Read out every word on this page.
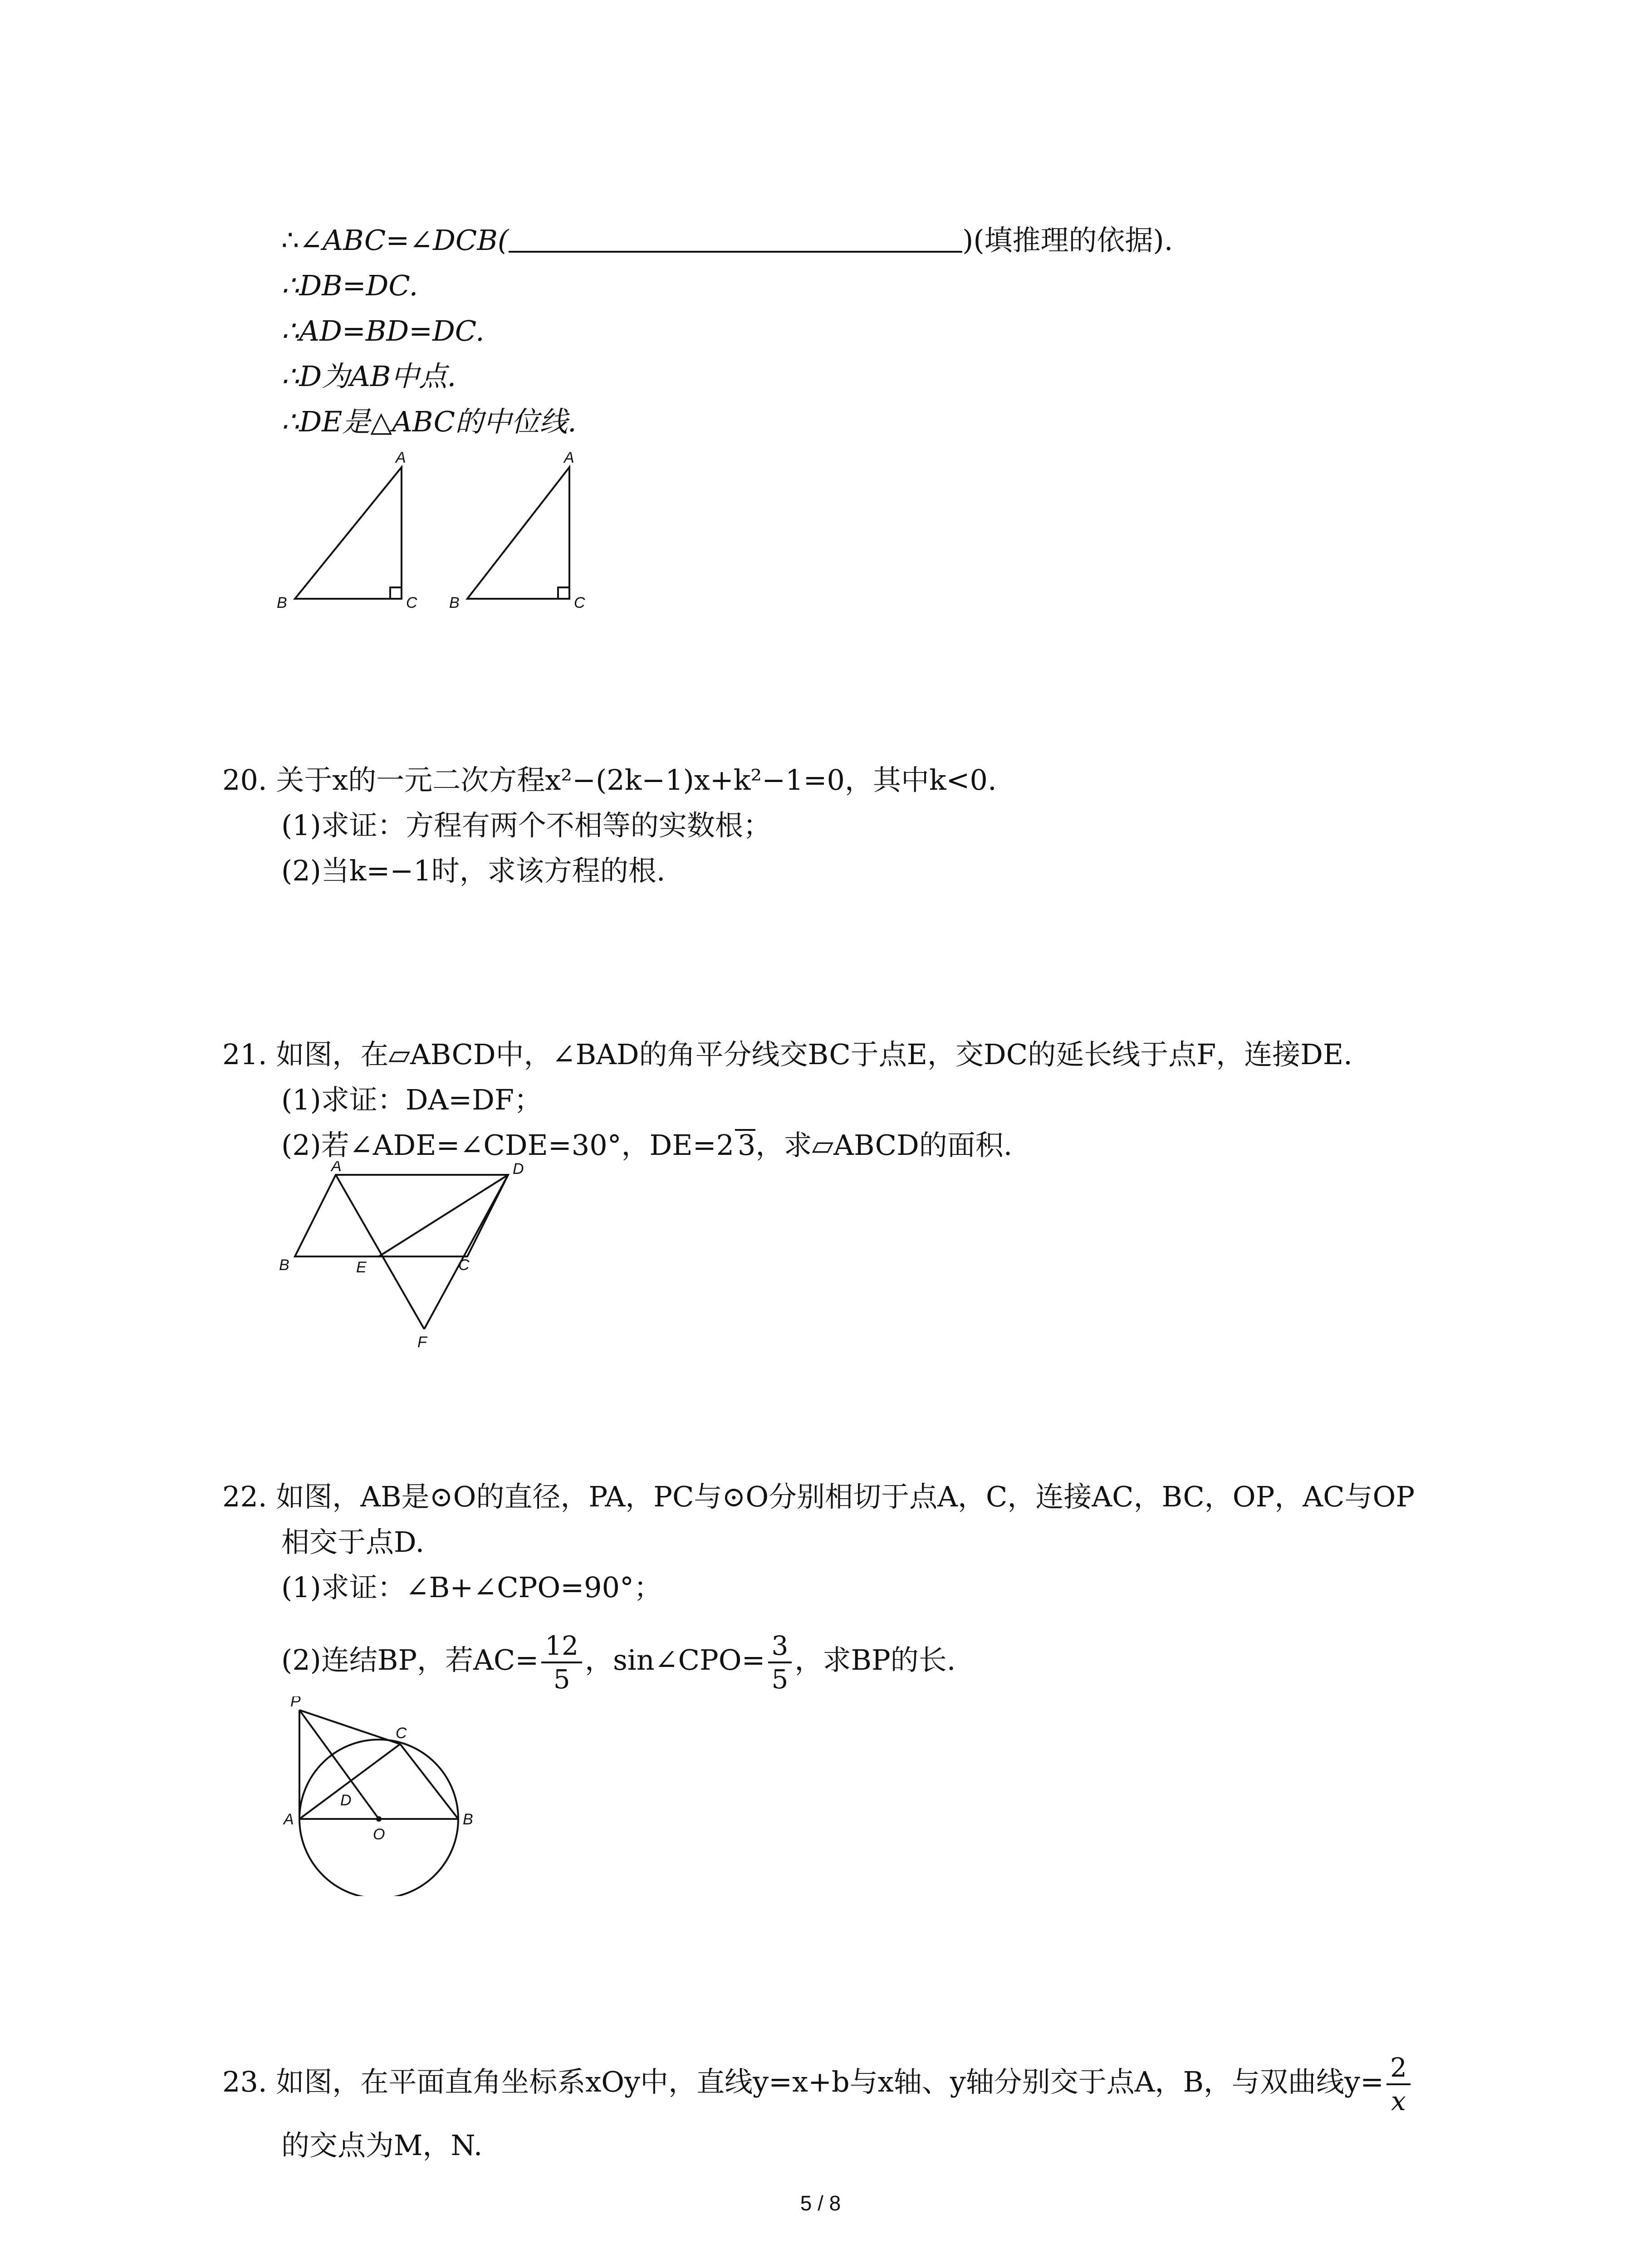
∴∠ABC=∠DCB(	)(填推理的依据).
∴DB=DC.
∴AD=BD=DC.
∴D为AB中点.
∴DE是△ABC的中位线.
A
B	C
A
B	C
20. 关于x的一元二次方程x²−(2k−1)x+k²−1=0，其中k<0.
(1)求证：方程有两个不相等的实数根；
(2)当k=−1时，求该方程的根.
21. 如图，在▱ABCD中，∠BAD的角平分线交BC于点E，交DC的延长线于点F，连接DE.
(1)求证：DA=DF；
(2)若∠ADE=∠CDE=30°，DE=2 3，求▱ABCD的面积.
A	D
B	E	C
F
22. 如图，AB是⊙O的直径，PA，PC与⊙O分别相切于点A，C，连接AC，BC，OP，AC与OP
相交于点D.
(1)求证：∠B+∠CPO=90°；
(2)连结BP，若$AC= \frac{12}{5}$ ，sin∠CPO= $\frac{3}{5}$ ，求BP的长.
P
C
D
A
O
B
23. 如图，在平面直角坐标系xOy中，直线y=x+b与x轴、y轴分别交于点A，B，与双曲线$y= \frac{2}{x}$
的交点为M，N.
5 / 8
